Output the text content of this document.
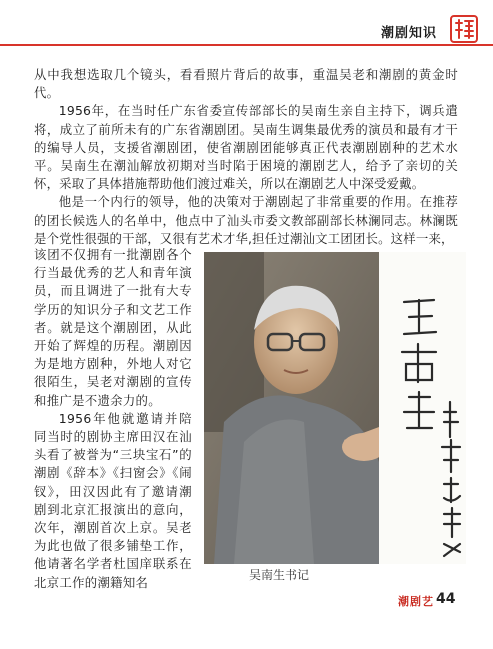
潮剧知识

从中我想选取几个镜头，看看照片背后的故事，重温吴老和潮剧的黄金时代。

1956年，在当时任广东省委宣传部部长的吴南生亲自主持下，调兵遣将，成立了前所未有的广东省潮剧团。吴南生调集最优秀的演员和最有才干的编导人员，支援省潮剧团，使省潮剧团能够真正代表潮剧剧种的艺术水平。吴南生在潮汕解放初期对当时陷于困境的潮剧艺人，给予了亲切的关怀，采取了具体措施帮助他们渡过难关，所以在潮剧艺人中深受爱戴。

他是一个内行的领导，他的决策对于潮剧起了非常重要的作用。在推荐的团长候选人的名单中，他点中了汕头市委文教部副部长林澜同志。林澜既是个党性很强的干部，又很有艺术才华,担任过潮汕文工团团长。这样一来，

该团不仅拥有一批潮剧各个行当最优秀的艺人和青年演员，而且调进了一批有大专学历的知识分子和文艺工作者。就是这个潮剧团，从此开始了辉煌的历程。潮剧因为是地方剧种，外地人对它很陌生，吴老对潮剧的宣传和推广是不遗余力的。

1956年他就邀请并陪同当时的剧协主席田汉在汕头看了被誉为“三块宝石”的潮剧《辞本》《扫窗会》《闹钗》，田汉因此有了邀请潮剧到北京汇报演出的意向，次年，潮剧首次上京。吴老为此也做了很多铺垫工作，他请著名学者杜国庠联系在北京工作的潮籍知名	吴南生书记
潮剧艺 44
